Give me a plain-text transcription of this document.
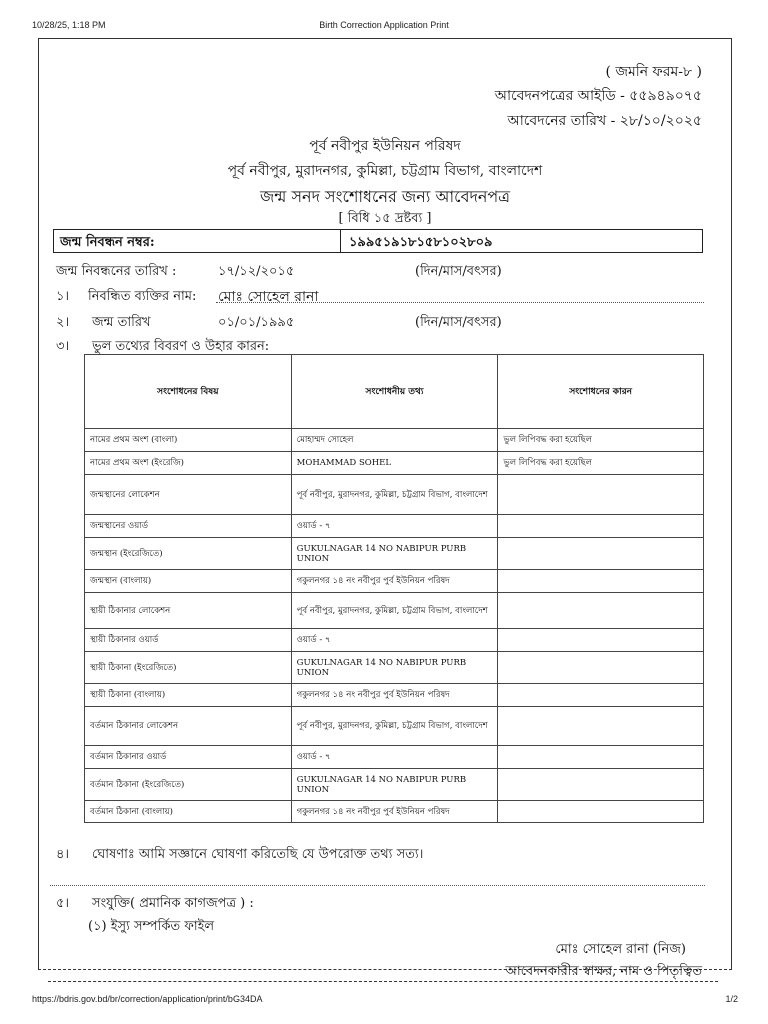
10/28/25, 1:18 PM	Birth Correction Application Print
( জমনি ফরম-৮ )
আবেদনপত্রের আইডি - ৫৫৯৪৯০৭৫
আবেদনের তারিখ - ২৮/১০/২০২৫
পূর্ব নবীপুর ইউনিয়ন পরিষদ
পূর্ব নবীপুর, মুরাদনগর, কুমিল্লা, চট্টগ্রাম বিভাগ, বাংলাদেশ
জন্ম সনদ সংশোধনের জন্য আবেদনপত্র
[ বিধি ১৫ দ্রষ্টব্য ]
জন্ম নিবন্ধন নম্বর:	১৯৯৫১৯১৮১৫৮১০২৮০৯
জন্ম নিবন্ধনের তারিখ :	১৭/১২/২০১৫	(দিন/মাস/বৎসর)
১। নিবন্ধিত ব্যক্তির নাম: মোঃ সোহেল রানা
২। জন্ম তারিখ	০১/০১/১৯৯৫	(দিন/মাস/বৎসর)
৩। ভুল তথ্যের বিবরণ ও উহার কারন:
সংশোধনের বিষয়	সংশোধনীয় তথ্য	সংশোধনের কারন
নামের প্রথম অংশ (বাংলা)	মোহাম্মদ সোহেল	ভুল লিপিবদ্ধ করা হয়েছিল
নামের প্রথম অংশ (ইংরেজি)	MOHAMMAD SOHEL	ভুল লিপিবদ্ধ করা হয়েছিল
জন্মস্থানের লোকেশন	পূর্ব নবীপুর, মুরাদনগর, কুমিল্লা, চট্টগ্রাম বিভাগ, বাংলাদেশ	
জন্মস্থানের ওয়ার্ড	ওয়ার্ড - ৭	
জন্মস্থান (ইংরেজিতে)	GUKULNAGAR 14 NO NABIPUR PURB UNION	
জন্মস্থান (বাংলায়)	গকুলনগর ১৪ নং নবীপুর পুর্ব ইউনিয়ন পরিষদ	
স্থায়ী ঠিকানার লোকেশন	পূর্ব নবীপুর, মুরাদনগর, কুমিল্লা, চট্টগ্রাম বিভাগ, বাংলাদেশ	
স্থায়ী ঠিকানার ওয়ার্ড	ওয়ার্ড - ৭	
স্থায়ী ঠিকানা (ইংরেজিতে)	GUKULNAGAR 14 NO NABIPUR PURB UNION	
স্থায়ী ঠিকানা (বাংলায়)	গকুলনগর ১৪ নং নবীপুর পুর্ব ইউনিয়ন পরিষদ	
বর্তমান ঠিকানার লোকেশন	পূর্ব নবীপুর, মুরাদনগর, কুমিল্লা, চট্টগ্রাম বিভাগ, বাংলাদেশ	
বর্তমান ঠিকানার ওয়ার্ড	ওয়ার্ড - ৭	
বর্তমান ঠিকানা (ইংরেজিতে)	GUKULNAGAR 14 NO NABIPUR PURB UNION	
বর্তমান ঠিকানা (বাংলায়)	গকুলনগর ১৪ নং নবীপুর পুর্ব ইউনিয়ন পরিষদ	
৪। ঘোষণাঃ আমি সজ্ঞানে ঘোষণা করিতেছি যে উপরোক্ত তথ্য সত্য।
৫। সংযুক্তি( প্রমানিক কাগজপত্র ) :
(১) ইস্যু সম্পর্কিত ফাইল
মোঃ সোহেল রানা (নিজ)
আবেদনকারীর স্বাক্ষর, নাম ও পিতৃত্বিত
https://bdris.gov.bd/br/correction/application/print/bG34DA	1/2
